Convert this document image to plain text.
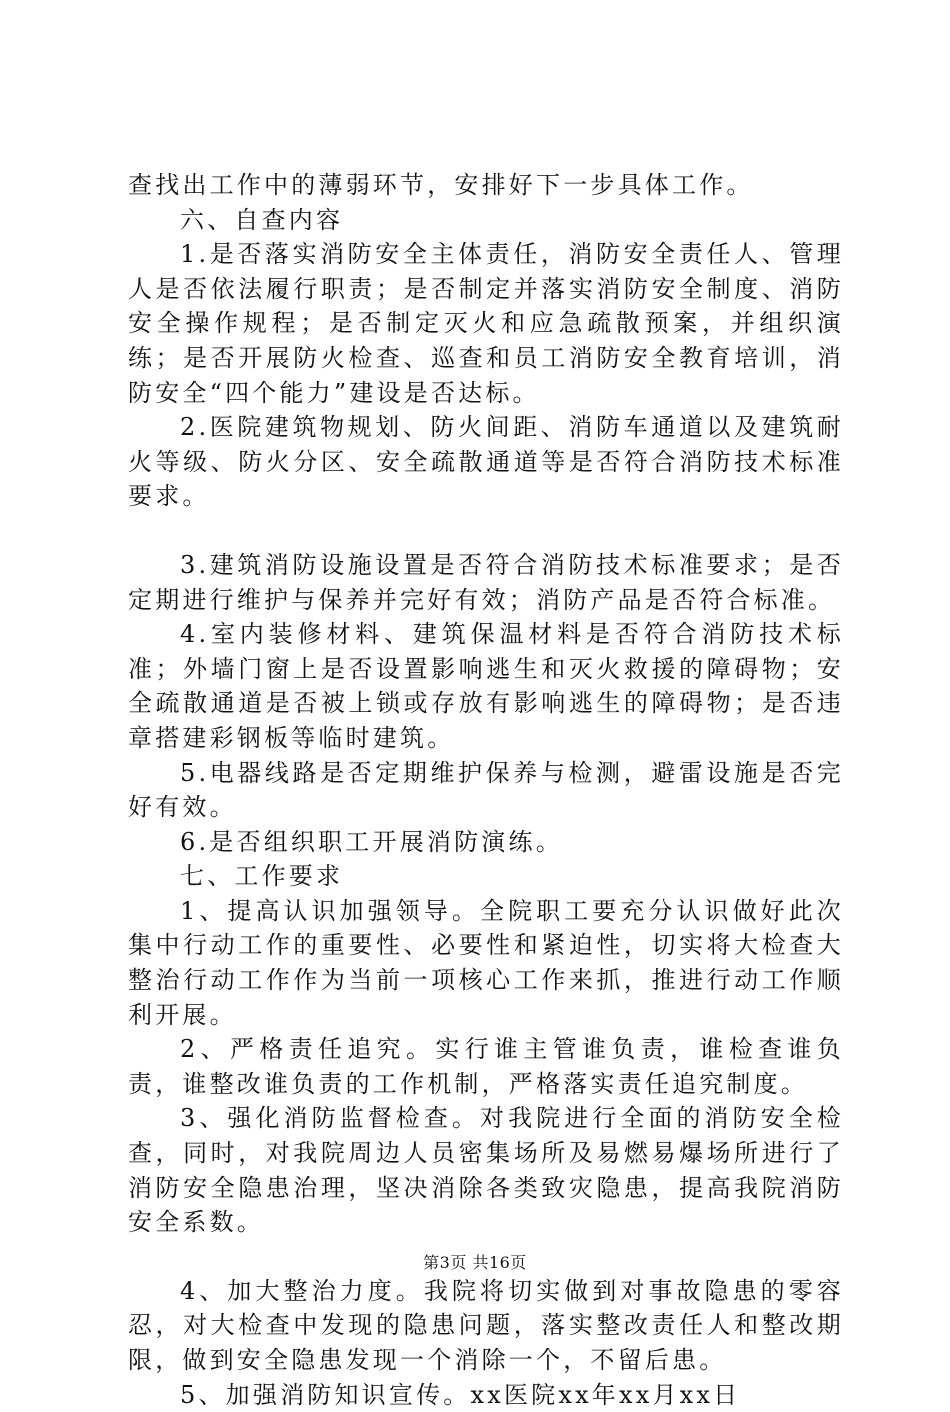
查找出工作中的薄弱环节，安排好下一步具体工作。

六、自查内容

1.是否落实消防安全主体责任，消防安全责任人、管理人是否依法履行职责；是否制定并落实消防安全制度、消防安全操作规程；是否制定灭火和应急疏散预案，并组织演练；是否开展防火检查、巡查和员工消防安全教育培训，消防安全“四个能力”建设是否达标。

2.医院建筑物规划、防火间距、消防车通道以及建筑耐火等级、防火分区、安全疏散通道等是否符合消防技术标准要求。

3.建筑消防设施设置是否符合消防技术标准要求；是否定期进行维护与保养并完好有效；消防产品是否符合标准。

4.室内装修材料、建筑保温材料是否符合消防技术标准；外墙门窗上是否设置影响逃生和灭火救援的障碍物；安全疏散通道是否被上锁或存放有影响逃生的障碍物；是否违章搭建彩钢板等临时建筑。

5.电器线路是否定期维护保养与检测，避雷设施是否完好有效。

6.是否组织职工开展消防演练。

七、工作要求

1、提高认识加强领导。全院职工要充分认识做好此次集中行动工作的重要性、必要性和紧迫性，切实将大检查大整治行动工作作为当前一项核心工作来抓，推进行动工作顺利开展。

2、严格责任追究。实行谁主管谁负责，谁检查谁负责，谁整改谁负责的工作机制，严格落实责任追究制度。

3、强化消防监督检查。对我院进行全面的消防安全检查，同时，对我院周边人员密集场所及易燃易爆场所进行了消防安全隐患治理，坚决消除各类致灾隐患，提高我院消防安全系数。

4、加大整治力度。我院将切实做到对事故隐患的零容忍，对大检查中发现的隐患问题，落实整改责任人和整改期限，做到安全隐患发现一个消除一个，不留后患。

5、加强消防知识宣传。xx医院xx年xx月xx日

第3页 共16页
